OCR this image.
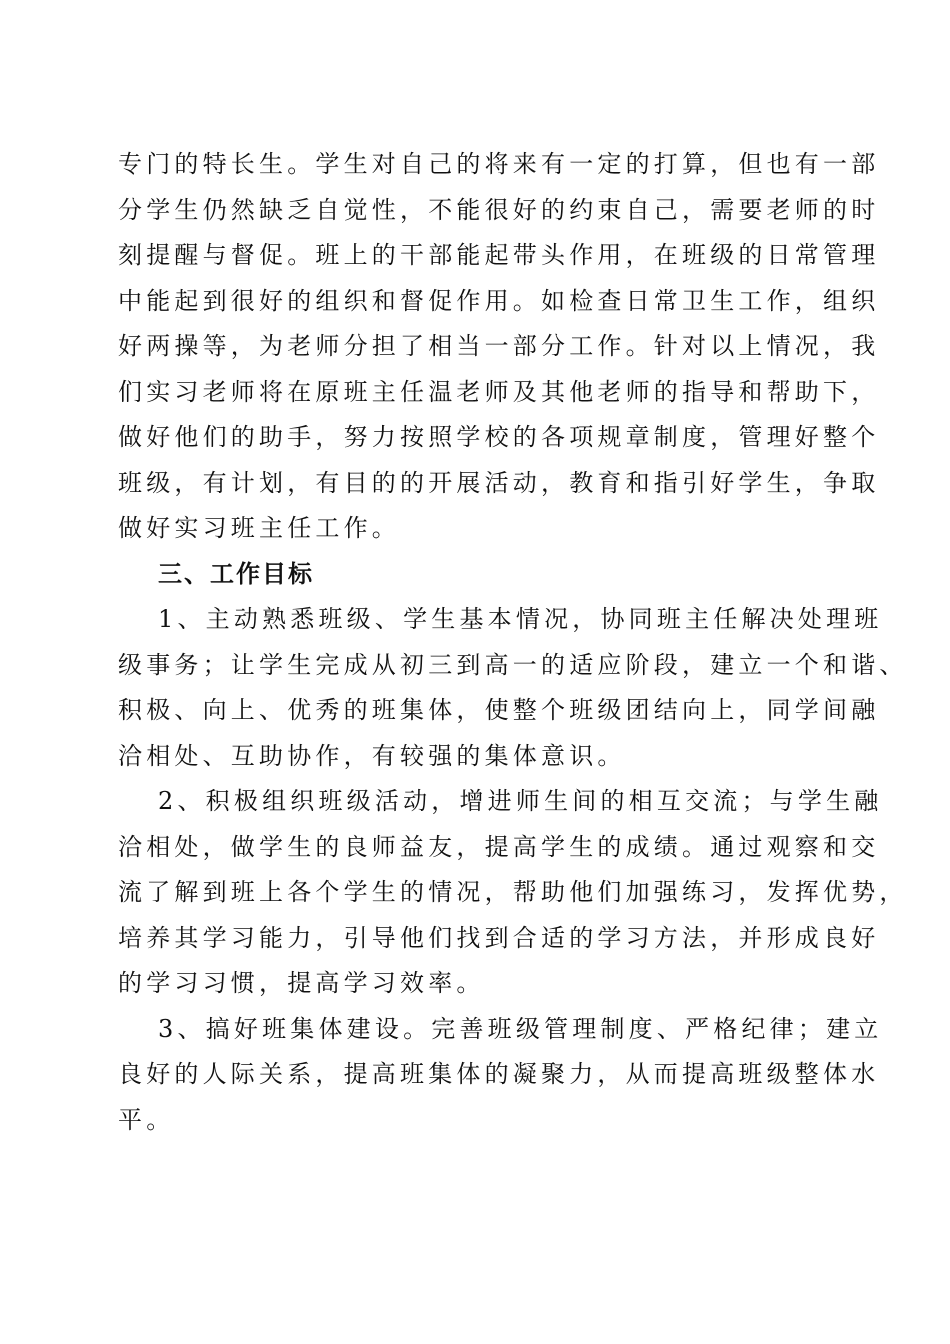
专门的特长生。学生对自己的将来有一定的打算，但也有一部
分学生仍然缺乏自觉性，不能很好的约束自己，需要老师的时
刻提醒与督促。班上的干部能起带头作用，在班级的日常管理
中能起到很好的组织和督促作用。如检查日常卫生工作，组织
好两操等，为老师分担了相当一部分工作。针对以上情况，我
们实习老师将在原班主任温老师及其他老师的指导和帮助下，
做好他们的助手，努力按照学校的各项规章制度，管理好整个
班级，有计划，有目的的开展活动，教育和指引好学生，争取
做好实习班主任工作。
三、工作目标
1、主动熟悉班级、学生基本情况，协同班主任解决处理班
级事务；让学生完成从初三到高一的适应阶段，建立一个和谐、
积极、向上、优秀的班集体，使整个班级团结向上，同学间融
洽相处、互助协作，有较强的集体意识。
2、积极组织班级活动，增进师生间的相互交流；与学生融
洽相处，做学生的良师益友，提高学生的成绩。通过观察和交
流了解到班上各个学生的情况，帮助他们加强练习，发挥优势，
培养其学习能力，引导他们找到合适的学习方法，并形成良好
的学习习惯，提高学习效率。
3、搞好班集体建设。完善班级管理制度、严格纪律；建立
良好的人际关系，提高班集体的凝聚力，从而提高班级整体水
平。
